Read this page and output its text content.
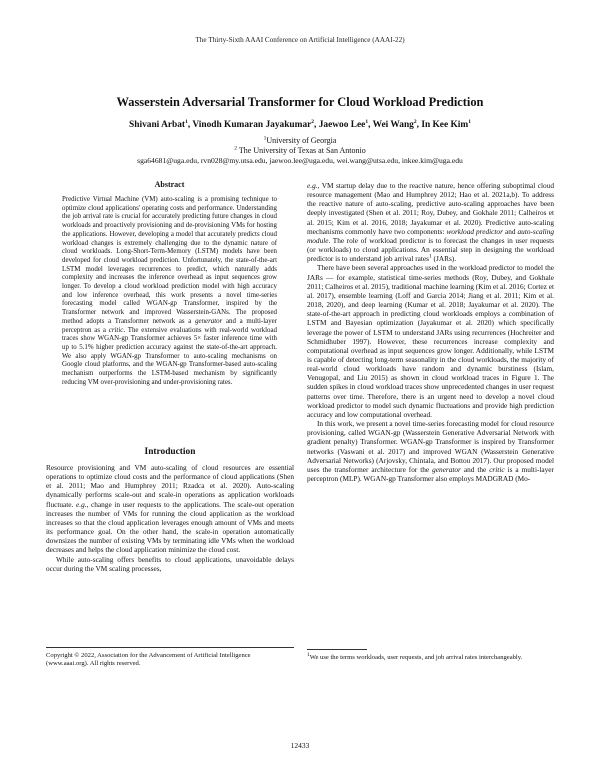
The Thirty-Sixth AAAI Conference on Artificial Intelligence (AAAI-22)
Wasserstein Adversarial Transformer for Cloud Workload Prediction
Shivani Arbat$^1$, Vinodh Kumaran Jayakumar$^2$, Jaewoo Lee$^1$, Wei Wang$^2$, In Kee Kim$^1$
$^1$University of Georgia
$^2$ The University of Texas at San Antonio
sga64681@uga.edu, rvn028@my.utsa.edu, jaewoo.lee@uga.edu, wei.wang@utsa.edu, inkee.kim@uga.edu
Abstract

Predictive Virtual Machine (VM) auto-scaling is a promising technique to optimize cloud applications' operating costs and performance. Understanding the job arrival rate is crucial for accurately predicting future changes in cloud workloads and proactively provisioning and de-provisioning VMs for hosting the applications. However, developing a model that accurately predicts cloud workload changes is extremely challenging due to the dynamic nature of cloud workloads. Long-Short-Term-Memory (LSTM) models have been developed for cloud workload prediction. Unfortunately, the state-of-the-art LSTM model leverages recurrences to predict, which naturally adds complexity and increases the inference overhead as input sequences grow longer. To develop a cloud workload prediction model with high accuracy and low inference overhead, this work presents a novel time-series forecasting model called WGAN-gp Transformer, inspired by the Transformer network and improved Wasserstein-GANs. The proposed method adopts a Transformer network as a generator and a multi-layer perceptron as a critic. The extensive evaluations with real-world workload traces show WGAN-gp Transformer achieves 5× faster inference time with up to 5.1% higher prediction accuracy against the state-of-the-art approach. We also apply WGAN-gp Transformer to auto-scaling mechanisms on Google cloud platforms, and the WGAN-gp Transformer-based auto-scaling mechanism outperforms the LSTM-based mechanism by significantly reducing VM over-provisioning and under-provisioning rates.

Introduction

Resource provisioning and VM auto-scaling of cloud resources are essential operations to optimize cloud costs and the performance of cloud applications (Shen et al. 2011; Mao and Humphrey 2011; Rzadca et al. 2020). Auto-scaling dynamically performs scale-out and scale-in operations as application workloads fluctuate. e.g., change in user requests to the applications. The scale-out operation increases the number of VMs for running the cloud application as the workload increases so that the cloud application leverages enough amount of VMs and meets its performance goal. On the other hand, the scale-in operation automatically downsizes the number of existing VMs by terminating idle VMs when the workload decreases and helps the cloud application minimize the cloud cost.

While auto-scaling offers benefits to cloud applications, unavoidable delays occur during the VM scaling processes,

Copyright © 2022, Association for the Advancement of Artificial Intelligence (www.aaai.org). All rights reserved.

e.g., VM startup delay due to the reactive nature, hence offering suboptimal cloud resource management (Mao and Humphrey 2012; Hao et al. 2021a,b). To address the reactive nature of auto-scaling, predictive auto-scaling approaches have been deeply investigated (Shen et al. 2011; Roy, Dubey, and Gokhale 2011; Calheiros et al. 2015; Kim et al. 2016, 2018; Jayakumar et al. 2020). Predictive auto-scaling mechanisms commonly have two components: workload predictor and auto-scaling module. The role of workload predictor is to forecast the changes in user requests (or workloads) to cloud applications. An essential step in designing the workload predictor is to understand job arrival rates$^1$ (JARs).

There have been several approaches used in the workload predictor to model the JARs — for example, statistical time-series methods (Roy, Dubey, and Gokhale 2011; Calheiros et al. 2015), traditional machine learning (Kim et al. 2016; Cortez et al. 2017), ensemble learning (Loff and Garcia 2014; Jiang et al. 2011; Kim et al. 2018, 2020), and deep learning (Kumar et al. 2018; Jayakumar et al. 2020). The state-of-the-art approach in predicting cloud workloads employs a combination of LSTM and Bayesian optimization (Jayakumar et al. 2020) which specifically leverage the power of LSTM to understand JARs using recurrences (Hochreiter and Schmidhuber 1997). However, these recurrences increase complexity and computational overhead as input sequences grow longer. Additionally, while LSTM is capable of detecting long-term seasonality in the cloud workloads, the majority of real-world cloud workloads have random and dynamic burstiness (Islam, Venugopal, and Liu 2015) as shown in cloud workload traces in Figure 1. The sudden spikes in cloud workload traces show unprecedented changes in user request patterns over time. Therefore, there is an urgent need to develop a novel cloud workload predictor to model such dynamic fluctuations and provide high prediction accuracy and low computational overhead.

In this work, we present a novel time-series forecasting model for cloud resource provisioning, called WGAN-gp (Wasserstein Generative Adversarial Network with gradient penalty) Transformer. WGAN-gp Transformer is inspired by Transformer networks (Vaswani et al. 2017) and improved WGAN (Wasserstein Generative Adversarial Networks) (Arjovsky, Chintala, and Bottou 2017). Our proposed model uses the transformer architecture for the generator and the critic is a multi-layer perceptron (MLP). WGAN-gp Transformer also employs MADGRAD (Mo-

$^1$We use the terms workloads, user requests, and job arrival rates interchangeably.
12433
